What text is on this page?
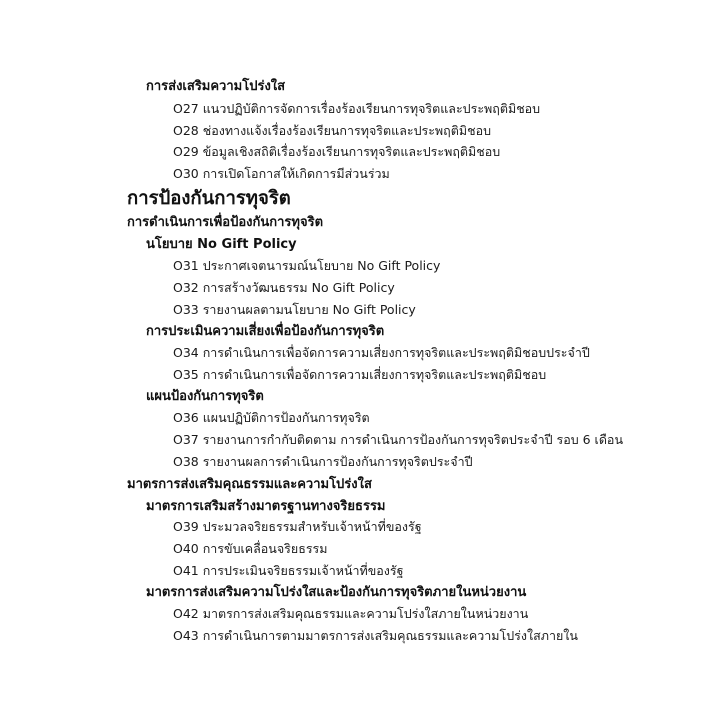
การส่งเสริมความโปร่งใส
O27 แนวปฏิบัติการจัดการเรื่องร้องเรียนการทุจริตและประพฤติมิชอบ
O28 ช่องทางแจ้งเรื่องร้องเรียนการทุจริตและประพฤติมิชอบ
O29 ข้อมูลเชิงสถิติเรื่องร้องเรียนการทุจริตและประพฤติมิชอบ
O30 การเปิดโอกาสให้เกิดการมีส่วนร่วม
การป้องกันการทุจริต
การดำเนินการเพื่อป้องกันการทุจริต
นโยบาย No Gift Policy
O31 ประกาศเจตนารมณ์นโยบาย No Gift Policy
O32 การสร้างวัฒนธรรม No Gift Policy
O33 รายงานผลตามนโยบาย No Gift Policy
การประเมินความเสี่ยงเพื่อป้องกันการทุจริต
O34 การดำเนินการเพื่อจัดการความเสี่ยงการทุจริตและประพฤติมิชอบประจำปี
O35 การดำเนินการเพื่อจัดการความเสี่ยงการทุจริตและประพฤติมิชอบ
แผนป้องกันการทุจริต
O36 แผนปฏิบัติการป้องกันการทุจริต
O37 รายงานการกำกับติดตาม การดำเนินการป้องกันการทุจริตประจำปี รอบ 6 เดือน
O38 รายงานผลการดำเนินการป้องกันการทุจริตประจำปี
มาตรการส่งเสริมคุณธรรมและความโปร่งใส
มาตรการเสริมสร้างมาตรฐานทางจริยธรรม
O39 ประมวลจริยธรรมสำหรับเจ้าหน้าที่ของรัฐ
O40 การขับเคลื่อนจริยธรรม
O41 การประเมินจริยธรรมเจ้าหน้าที่ของรัฐ
มาตรการส่งเสริมความโปร่งใสและป้องกันการทุจริตภายในหน่วยงาน
O42 มาตรการส่งเสริมคุณธรรมและความโปร่งใสภายในหน่วยงาน
O43 การดำเนินการตามมาตรการส่งเสริมคุณธรรมและความโปร่งใสภายใน
